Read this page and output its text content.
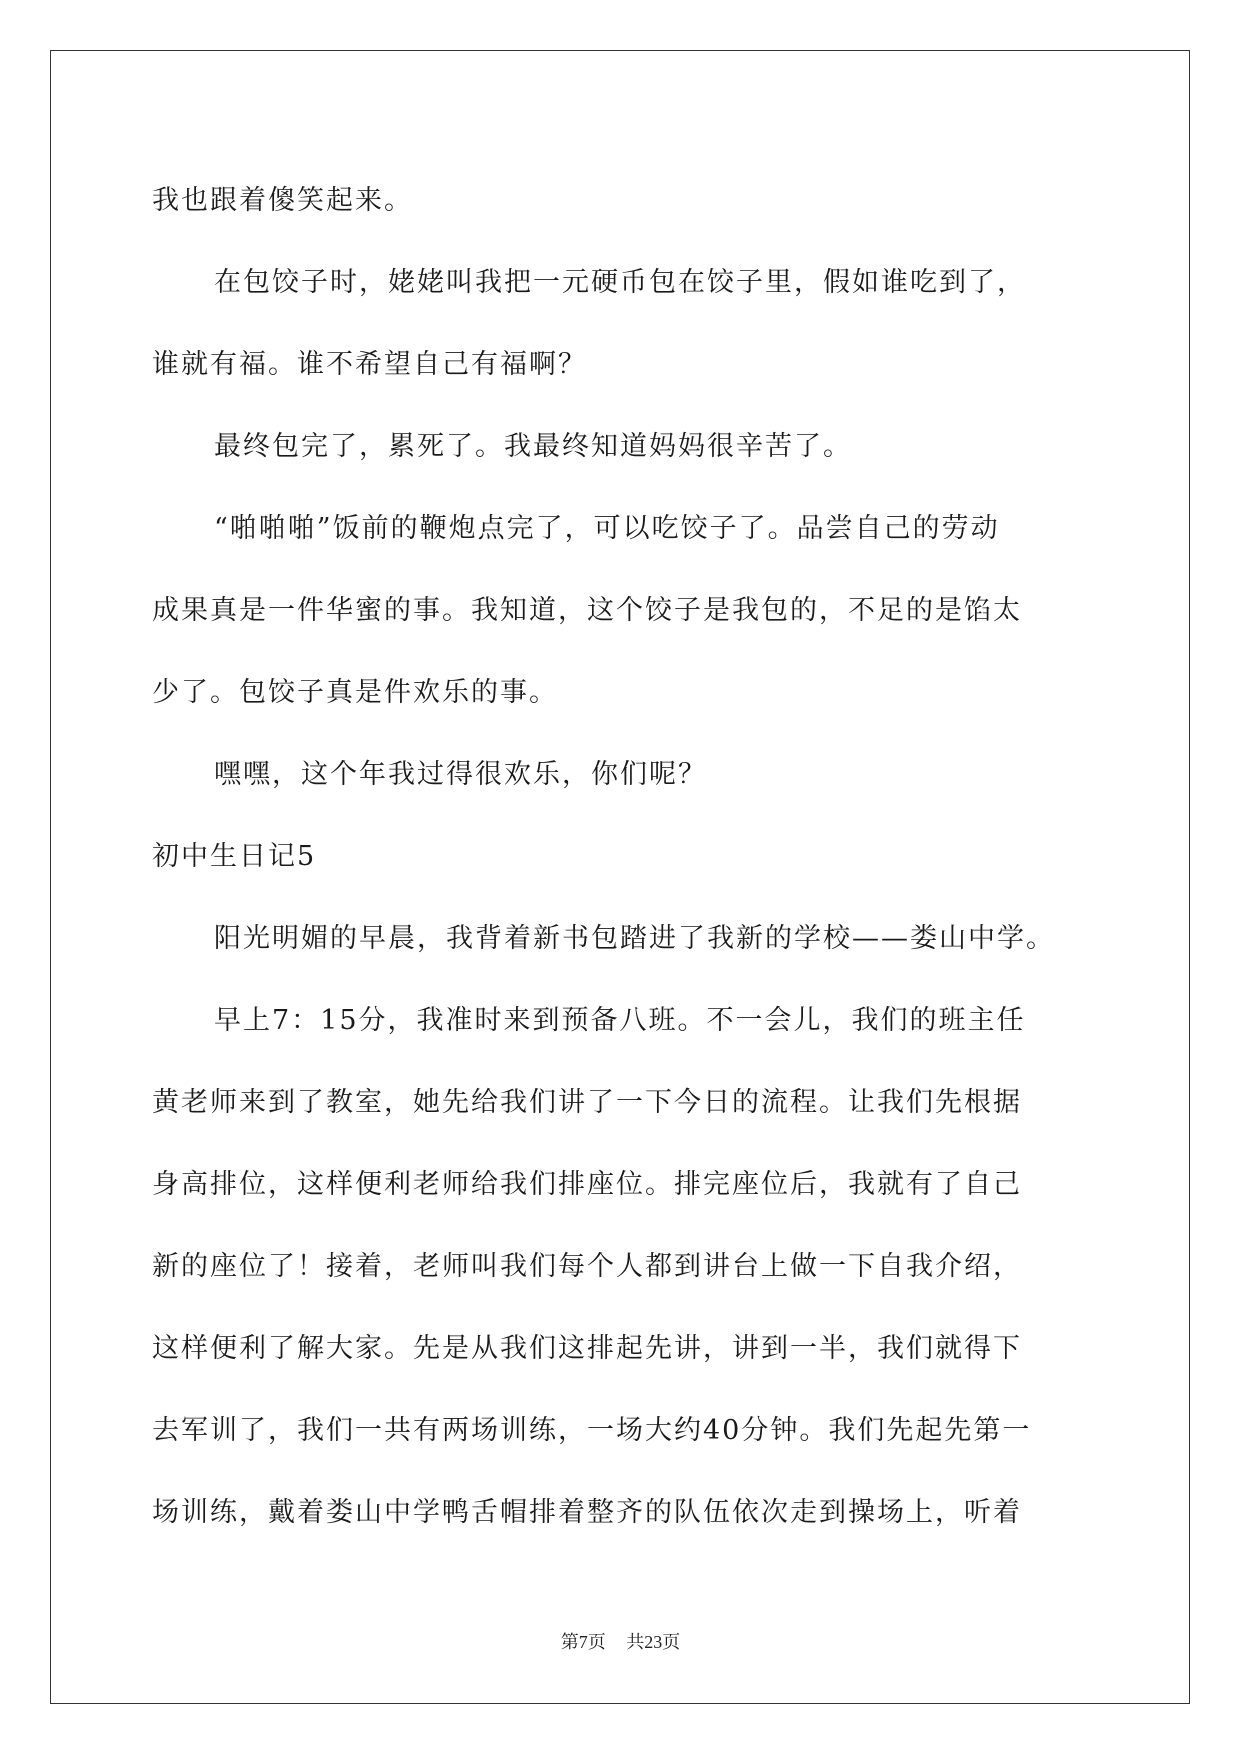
我也跟着傻笑起来。
在包饺子时，姥姥叫我把一元硬币包在饺子里，假如谁吃到了，
谁就有福。谁不希望自己有福啊？
最终包完了，累死了。我最终知道妈妈很辛苦了。
“啪啪啪”饭前的鞭炮点完了，可以吃饺子了。品尝自己的劳动
成果真是一件华蜜的事。我知道，这个饺子是我包的，不足的是馅太
少了。包饺子真是件欢乐的事。
嘿嘿，这个年我过得很欢乐，你们呢？
初中生日记5
阳光明媚的早晨，我背着新书包踏进了我新的学校——娄山中学。
早上7：15分，我准时来到预备八班。不一会儿，我们的班主任
黄老师来到了教室，她先给我们讲了一下今日的流程。让我们先根据
身高排位，这样便利老师给我们排座位。排完座位后，我就有了自己
新的座位了！接着，老师叫我们每个人都到讲台上做一下自我介绍，
这样便利了解大家。先是从我们这排起先讲，讲到一半，我们就得下
去军训了，我们一共有两场训练，一场大约40分钟。我们先起先第一
场训练，戴着娄山中学鸭舌帽排着整齐的队伍依次走到操场上，听着
第7页 共23页
